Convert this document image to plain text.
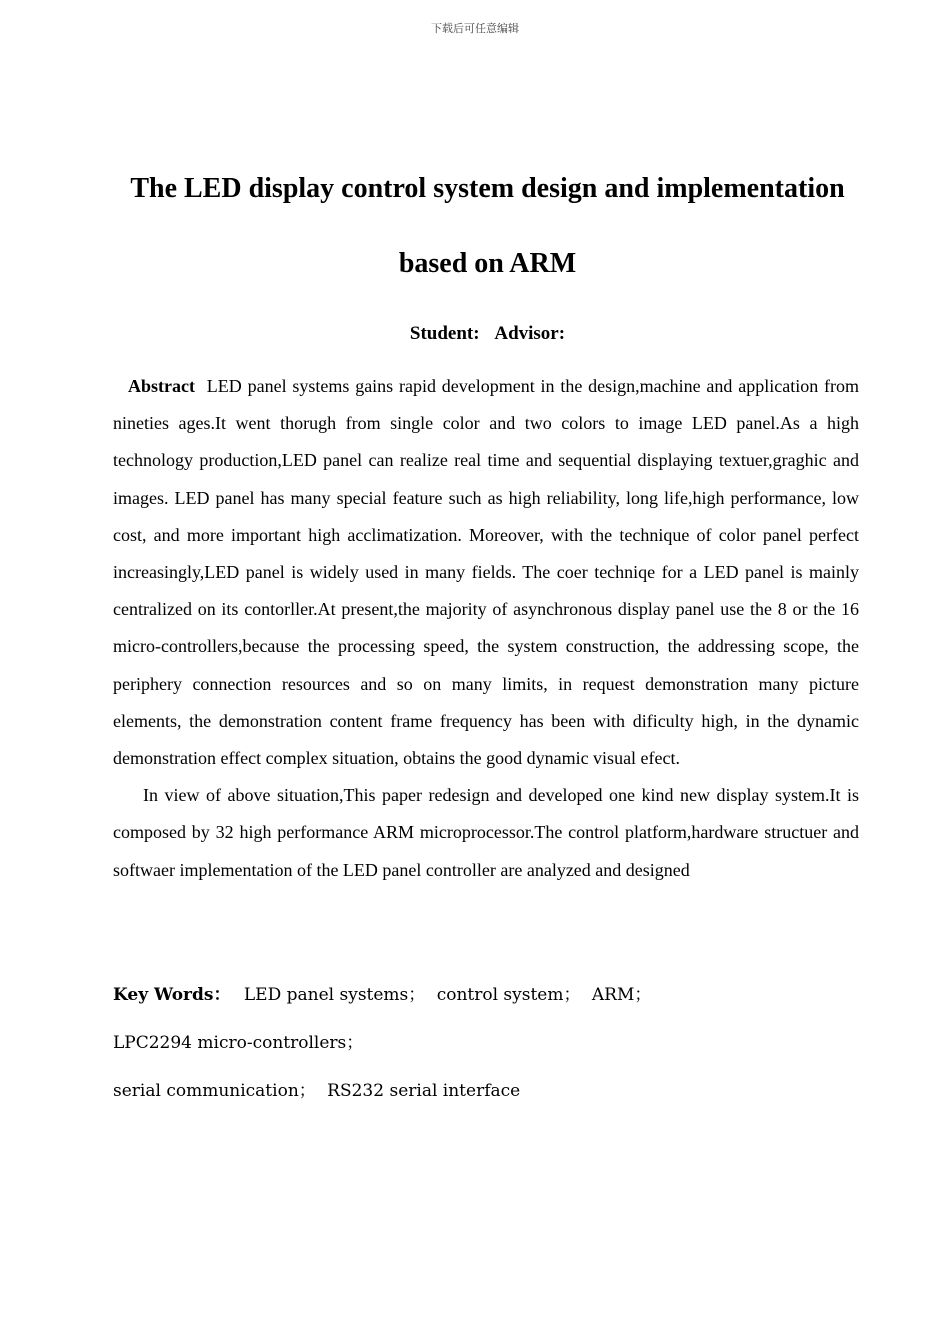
下载后可任意编辑
The LED display control system design and implementation
based on ARM
Student: Advisor:

Abstract LED panel systems gains rapid development in the design,machine and application from nineties ages.It went thorugh from single color and two colors to image LED panel.As a high technology production,LED panel can realize real time and sequential displaying textuer,graghic and images. LED panel has many special feature such as high reliability, long life,high performance, low cost, and more important high acclimatization. Moreover, with the technique of color panel perfect increasingly,LED panel is widely used in many fields. The coer techniqe for a LED panel is mainly centralized on its contorller.At present,the majority of asynchronous display panel use the 8 or the 16 micro-controllers,because the processing speed, the system construction, the addressing scope, the periphery connection resources and so on many limits, in request demonstration many picture elements, the demonstration content frame frequency has been with dificulty high, in the dynamic demonstration effect complex situation, obtains the good dynamic visual efect.

In view of above situation,This paper redesign and developed one kind new display system.It is composed by 32 high performance ARM microprocessor.The control platform,hardware structuer and softwaer implementation of the LED panel controller are analyzed and designed

Key Words： LED panel systems； control system； ARM； LPC2294 micro-controllers；
serial communication； RS232 serial interface
